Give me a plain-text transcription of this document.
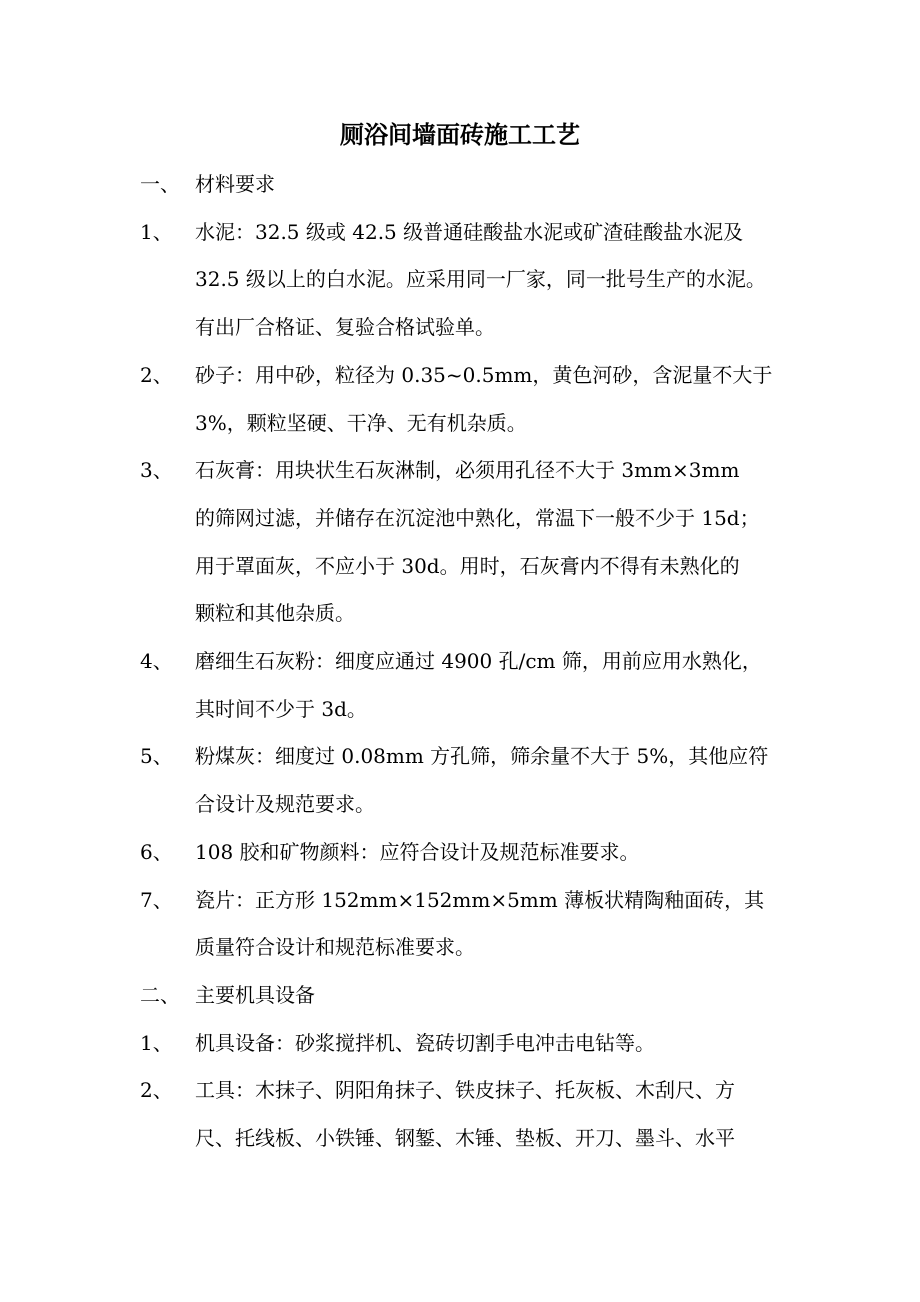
厕浴间墙面砖施工工艺
一、 材料要求
1、	水泥：32.5 级或 42.5 级普通硅酸盐水泥或矿渣硅酸盐水泥及
32.5 级以上的白水泥。应采用同一厂家，同一批号生产的水泥。
有出厂合格证、复验合格试验单。
2、	砂子：用中砂，粒径为 0.35~0.5mm，黄色河砂，含泥量不大于
3%，颗粒坚硬、干净、无有机杂质。
3、	石灰膏：用块状生石灰淋制，必须用孔径不大于 3mm×3mm
的筛网过滤，并储存在沉淀池中熟化，常温下一般不少于 15d；
用于罩面灰，不应小于 30d。用时，石灰膏内不得有未熟化的
颗粒和其他杂质。
4、	磨细生石灰粉：细度应通过 4900 孔/cm 筛，用前应用水熟化，
其时间不少于 3d。
5、	粉煤灰：细度过 0.08mm 方孔筛，筛余量不大于 5%，其他应符
合设计及规范要求。
6、	108 胶和矿物颜料：应符合设计及规范标准要求。
7、	瓷片：正方形 152mm×152mm×5mm 薄板状精陶釉面砖，其
质量符合设计和规范标准要求。
二、 主要机具设备
1、	机具设备：砂浆搅拌机、瓷砖切割手电冲击电钻等。
2、	工具：木抹子、阴阳角抹子、铁皮抹子、托灰板、木刮尺、方
尺、托线板、小铁锤、钢錾、木锤、垫板、开刀、墨斗、水平
